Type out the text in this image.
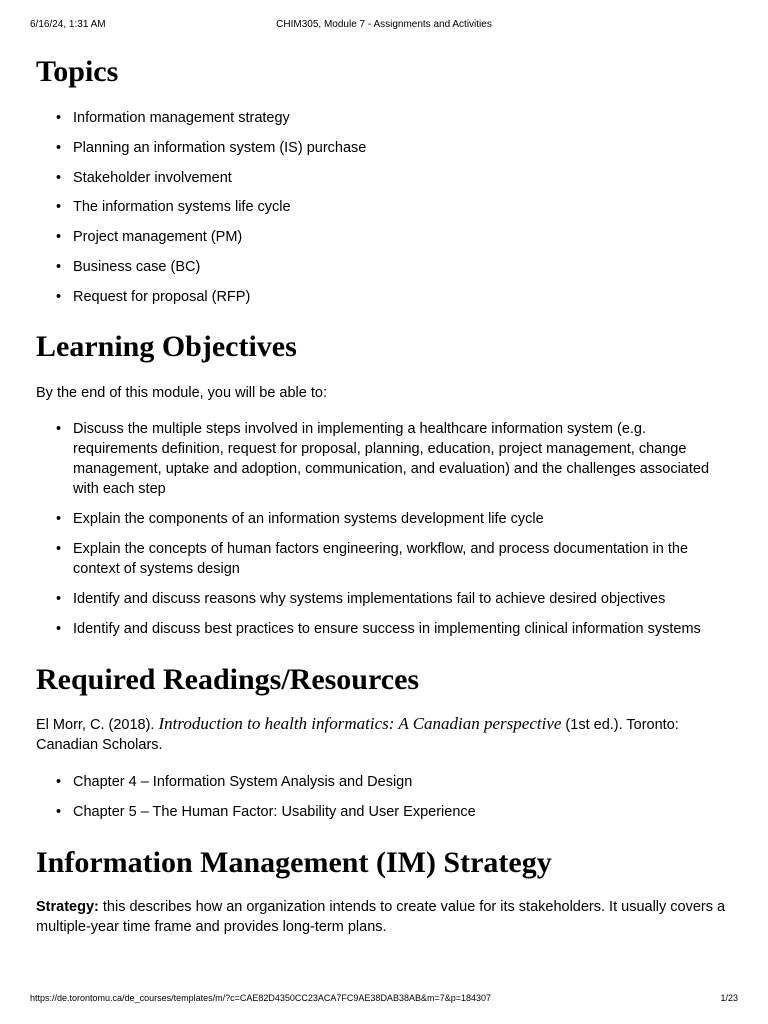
6/16/24, 1:31 AM	CHIM305, Module 7 - Assignments and Activities
Topics
• Information management strategy
• Planning an information system (IS) purchase
• Stakeholder involvement
• The information systems life cycle
• Project management (PM)
• Business case (BC)
• Request for proposal (RFP)
Learning Objectives

By the end of this module, you will be able to:

• Discuss the multiple steps involved in implementing a healthcare information system (e.g. requirements definition, request for proposal, planning, education, project management, change management, uptake and adoption, communication, and evaluation) and the challenges associated with each step
• Explain the components of an information systems development life cycle
• Explain the concepts of human factors engineering, workflow, and process documentation in the context of systems design
• Identify and discuss reasons why systems implementations fail to achieve desired objectives
• Identify and discuss best practices to ensure success in implementing clinical information systems
Required Readings/Resources

El Morr, C. (2018). Introduction to health informatics: A Canadian perspective (1st ed.). Toronto: Canadian Scholars.

• Chapter 4 – Information System Analysis and Design
• Chapter 5 – The Human Factor: Usability and User Experience
Information Management (IM) Strategy

Strategy: this describes how an organization intends to create value for its stakeholders. It usually covers a multiple-year time frame and provides long-term plans.

https://de.torontomu.ca/de_courses/templates/m/?c=CAE82D4350CC23ACA7FC9AE38DAB38AB&m=7&p=184307	1/23
